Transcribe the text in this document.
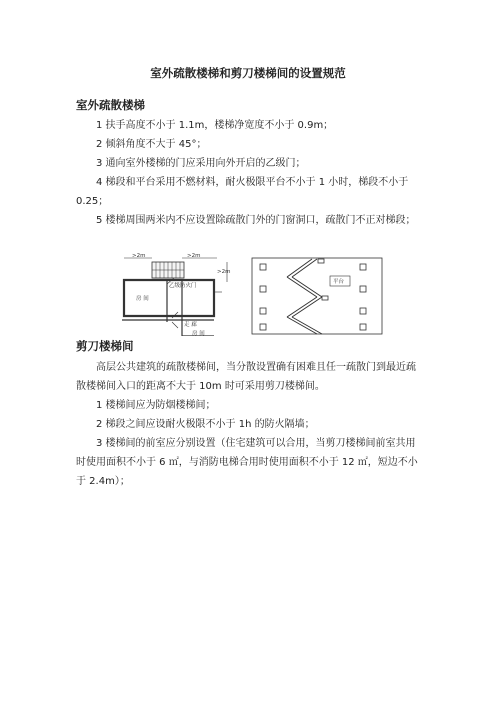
室外疏散楼梯和剪刀楼梯间的设置规范
室外疏散楼梯
1 扶手高度不小于 1.1m，楼梯净宽度不小于 0.9m；
2 倾斜角度不大于 45°；
3 通向室外楼梯的门应采用向外开启的乙级门；
4 梯段和平台采用不燃材料，耐火极限平台不小于 1 小时，梯段不小于 0.25；
5 楼梯周围两米内不应设置除疏散门外的门窗洞口，疏散门不正对梯段；
>2m	>2m
>2m
乙级防火门
房 间
走 廊
房 间
平台
剪刀楼梯间
高层公共建筑的疏散楼梯间，当分散设置确有困难且任一疏散门到最近疏散楼梯间入口的距离不大于 10m 时可采用剪刀楼梯间。
1 楼梯间应为防烟楼梯间；
2 梯段之间应设耐火极限不小于 1h 的防火隔墙；
3 楼梯间的前室应分别设置（住宅建筑可以合用，当剪刀楼梯间前室共用时使用面积不小于 6 ㎡，与消防电梯合用时使用面积不小于 12 ㎡，短边不小于 2.4m）；
